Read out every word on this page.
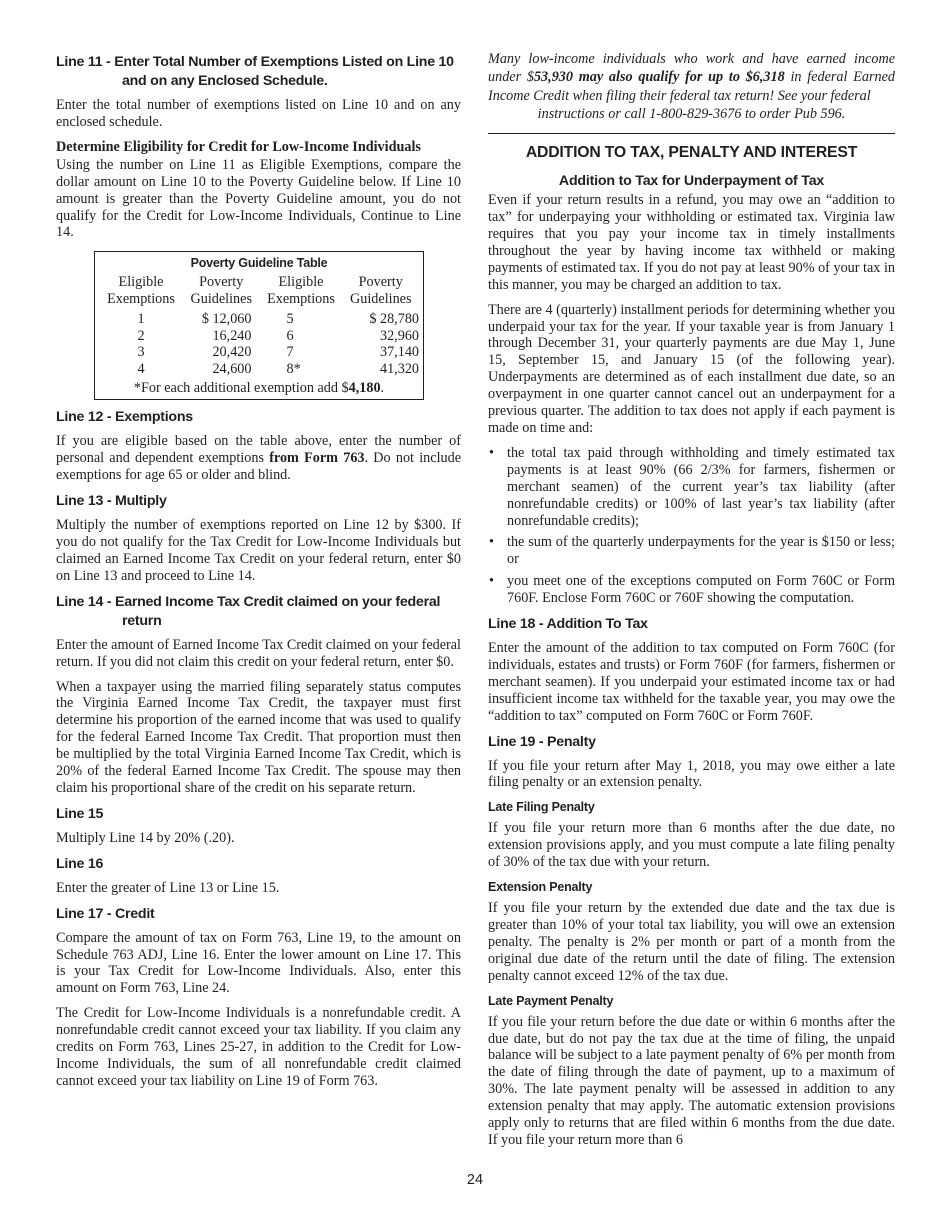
Line 11 - Enter Total Number of Exemptions Listed on Line 10 and on any Enclosed Schedule.

Enter the total number of exemptions listed on Line 10 and on any enclosed schedule.

Determine Eligibility for Credit for Low-Income Individuals

Using the number on Line 11 as Eligible Exemptions, compare the dollar amount on Line 10 to the Poverty Guideline below. If Line 10 amount is greater than the Poverty Guideline amount, you do not qualify for the Credit for Low-Income Individuals, Continue to Line 14.

Poverty Guideline Table
Eligible Exemptions	Poverty Guidelines	Eligible Exemptions	Poverty Guidelines
1	$ 12,060	5	$ 28,780
2	16,240	6	32,960
3	20,420	7	37,140
4	24,600	8*	41,320
*For each additional exemption add $4,180.
Line 12 - Exemptions

If you are eligible based on the table above, enter the number of personal and dependent exemptions from Form 763. Do not include exemptions for age 65 or older and blind.

Line 13 - Multiply

Multiply the number of exemptions reported on Line 12 by $300. If you do not qualify for the Tax Credit for Low-Income Individuals but claimed an Earned Income Tax Credit on your federal return, enter $0 on Line 13 and proceed to Line 14.

Line 14 - Earned Income Tax Credit claimed on your federal return

Enter the amount of Earned Income Tax Credit claimed on your federal return. If you did not claim this credit on your federal return, enter $0.

When a taxpayer using the married filing separately status computes the Virginia Earned Income Tax Credit, the taxpayer must first determine his proportion of the earned income that was used to qualify for the federal Earned Income Tax Credit. That proportion must then be multiplied by the total Virginia Earned Income Tax Credit, which is 20% of the federal Earned Income Tax Credit. The spouse may then claim his proportional share of the credit on his separate return.

Line 15

Multiply Line 14 by 20% (.20).

Line 16

Enter the greater of Line 13 or Line 15.

Line 17 - Credit

Compare the amount of tax on Form 763, Line 19, to the amount on Schedule 763 ADJ, Line 16. Enter the lower amount on Line 17. This is your Tax Credit for Low-Income Individuals. Also, enter this amount on Form 763, Line 24.

The Credit for Low-Income Individuals is a nonrefundable credit. A nonrefundable credit cannot exceed your tax liability. If you claim any credits on Form 763, Lines 25-27, in addition to the Credit for Low-Income Individuals, the sum of all nonrefundable credit claimed cannot exceed your tax liability on Line 19 of Form 763.

Many low-income individuals who work and have earned income under $53,930 may also qualify for up to $6,318 in federal Earned Income Credit when filing their federal tax return! See your federal
instructions or call 1-800-829-3676 to order Pub 596.

ADDITION TO TAX, PENALTY AND INTEREST
Addition to Tax for Underpayment of Tax

Even if your return results in a refund, you may owe an “addition to tax” for underpaying your withholding or estimated tax. Virginia law requires that you pay your income tax in timely installments throughout the year by having income tax withheld or making payments of estimated tax. If you do not pay at least 90% of your tax in this manner, you may be charged an addition to tax.

There are 4 (quarterly) installment periods for determining whether you underpaid your tax for the year. If your taxable year is from January 1 through December 31, your quarterly payments are due May 1, June 15, September 15, and January 15 (of the following year). Underpayments are determined as of each installment due date, so an overpayment in one quarter cannot cancel out an underpayment for a previous quarter. The addition to tax does not apply if each payment is made on time and:

• the total tax paid through withholding and timely estimated tax payments is at least 90% (66 2/3% for farmers, fishermen or merchant seamen) of the current year’s tax liability (after nonrefundable credits) or 100% of last year’s tax liability (after nonrefundable credits);
• the sum of the quarterly underpayments for the year is $150 or less; or
• you meet one of the exceptions computed on Form 760C or Form 760F. Enclose Form 760C or 760F showing the computation.
Line 18 - Addition To Tax

Enter the amount of the addition to tax computed on Form 760C (for individuals, estates and trusts) or Form 760F (for farmers, fishermen or merchant seamen). If you underpaid your estimated income tax or had insufficient income tax withheld for the taxable year, you may owe the “addition to tax” computed on Form 760C or Form 760F.

Line 19 - Penalty

If you file your return after May 1, 2018, you may owe either a late filing penalty or an extension penalty.

Late Filing Penalty

If you file your return more than 6 months after the due date, no extension provisions apply, and you must compute a late filing penalty of 30% of the tax due with your return.

Extension Penalty

If you file your return by the extended due date and the tax due is greater than 10% of your total tax liability, you will owe an extension penalty. The penalty is 2% per month or part of a month from the original due date of the return until the date of filing. The extension penalty cannot exceed 12% of the tax due.

Late Payment Penalty

If you file your return before the due date or within 6 months after the due date, but do not pay the tax due at the time of filing, the unpaid balance will be subject to a late payment penalty of 6% per month from the date of filing through the date of payment, up to a maximum of 30%. The late payment penalty will be assessed in addition to any extension penalty that may apply. The automatic extension provisions apply only to returns that are filed within 6 months from the due date. If you file your return more than 6

24
